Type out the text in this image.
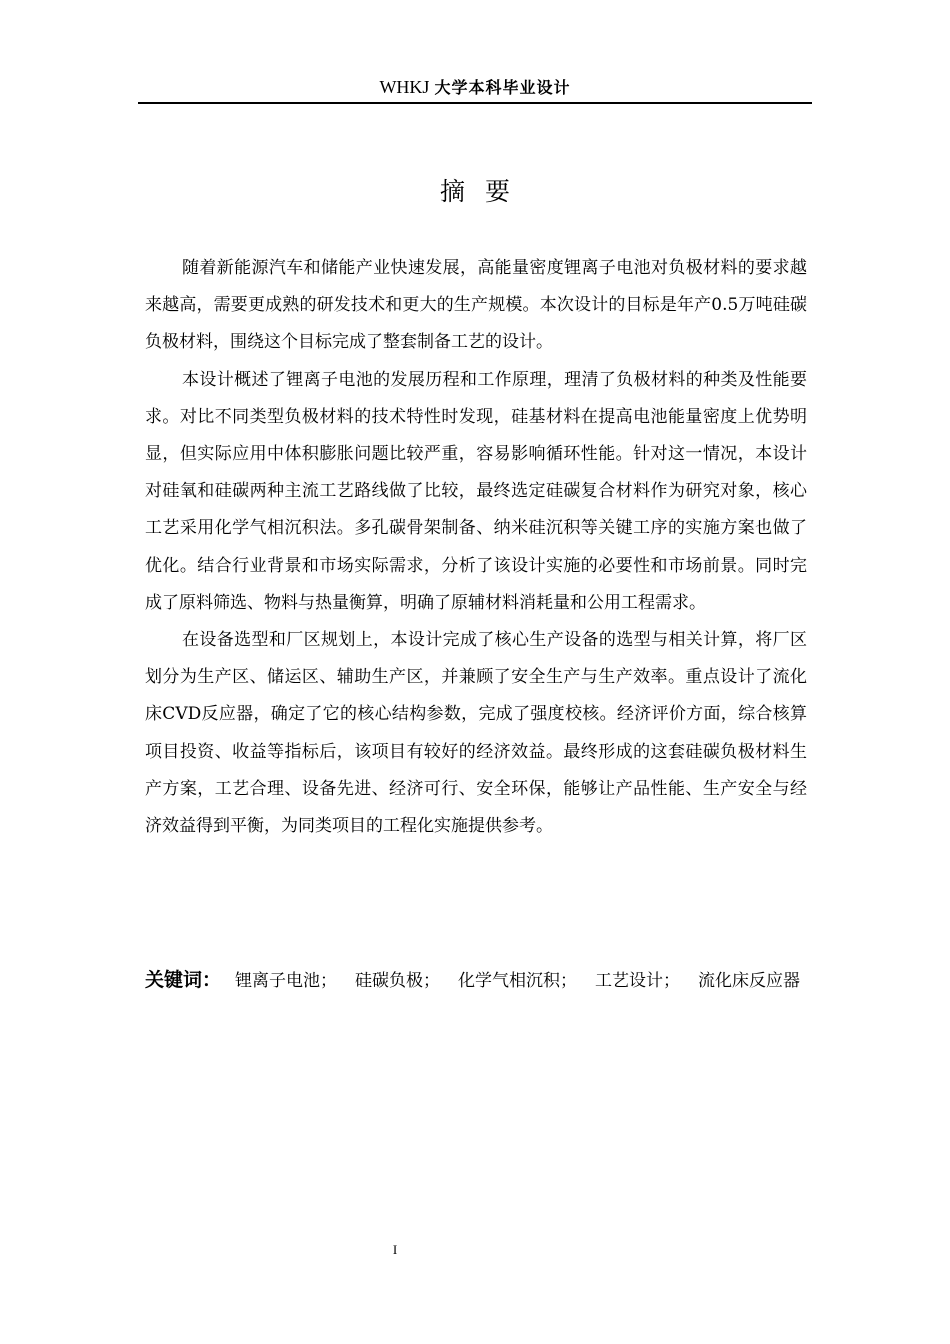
WHKJ 大学本科毕业设计
摘要

随着新能源汽车和储能产业快速发展，高能量密度锂离子电池对负极材料的要求越来越高，需要更成熟的研发技术和更大的生产规模。本次设计的目标是年产0.5万吨硅碳负极材料，围绕这个目标完成了整套制备工艺的设计。

本设计概述了锂离子电池的发展历程和工作原理，理清了负极材料的种类及性能要求。对比不同类型负极材料的技术特性时发现，硅基材料在提高电池能量密度上优势明显，但实际应用中体积膨胀问题比较严重，容易影响循环性能。针对这一情况，本设计对硅氧和硅碳两种主流工艺路线做了比较，最终选定硅碳复合材料作为研究对象，核心工艺采用化学气相沉积法。多孔碳骨架制备、纳米硅沉积等关键工序的实施方案也做了优化。结合行业背景和市场实际需求，分析了该设计实施的必要性和市场前景。同时完成了原料筛选、物料与热量衡算，明确了原辅材料消耗量和公用工程需求。

在设备选型和厂区规划上，本设计完成了核心生产设备的选型与相关计算，将厂区划分为生产区、储运区、辅助生产区，并兼顾了安全生产与生产效率。重点设计了流化床CVD反应器，确定了它的核心结构参数，完成了强度校核。经济评价方面，综合核算项目投资、收益等指标后，该项目有较好的经济效益。最终形成的这套硅碳负极材料生产方案，工艺合理、设备先进、经济可行、安全环保，能够让产品性能、生产安全与经济效益得到平衡，为同类项目的工程化实施提供参考。

关键词： 锂离子电池； 硅碳负极； 化学气相沉积； 工艺设计； 流化床反应器
I
